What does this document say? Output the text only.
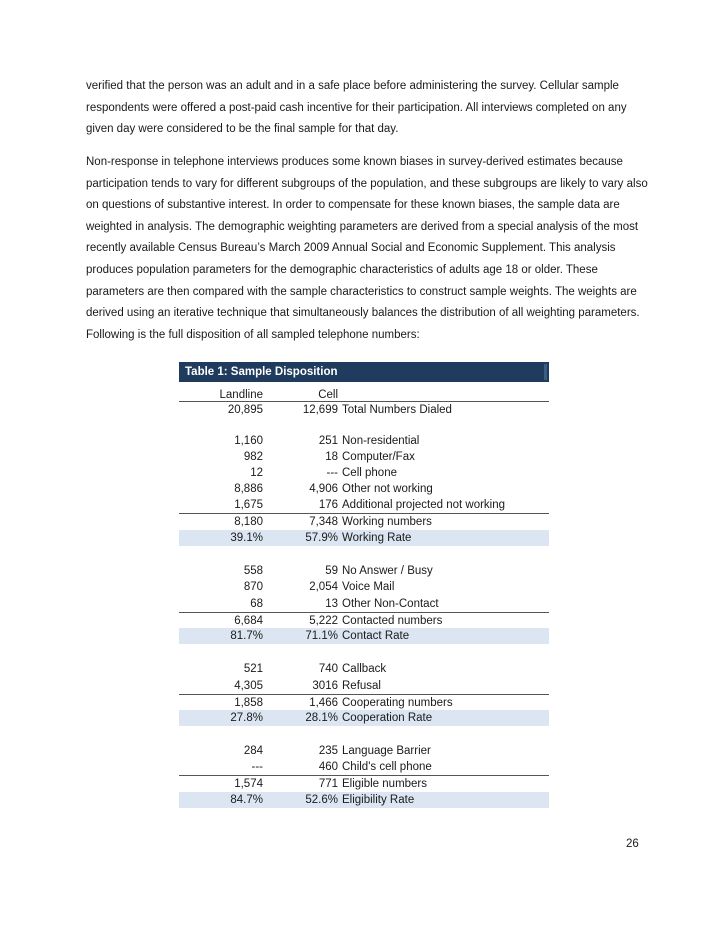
verified that the person was an adult and in a safe place before administering the survey. Cellular sample respondents were offered a post-paid cash incentive for their participation. All interviews completed on any given day were considered to be the final sample for that day.

Non-response in telephone interviews produces some known biases in survey-derived estimates because participation tends to vary for different subgroups of the population, and these subgroups are likely to vary also on questions of substantive interest. In order to compensate for these known biases, the sample data are weighted in analysis. The demographic weighting parameters are derived from a special analysis of the most recently available Census Bureau’s March 2009 Annual Social and Economic Supplement. This analysis produces population parameters for the demographic characteristics of adults age 18 or older. These parameters are then compared with the sample characteristics to construct sample weights. The weights are derived using an iterative technique that simultaneously balances the distribution of all weighting parameters.

Following is the full disposition of all sampled telephone numbers:

Table 1: Sample Disposition
Landline	Cell
20,895	12,699 Total Numbers Dialed
1,160	251 Non-residential
982	18 Computer/Fax
12	--- Cell phone
8,886	4,906 Other not working
1,675	176 Additional projected not working
8,180	7,348 Working numbers
39.1%	57.9% Working Rate
558	59 No Answer / Busy
870	2,054 Voice Mail
68	13 Other Non-Contact
6,684	5,222 Contacted numbers
81.7%	71.1% Contact Rate
521	740 Callback
4,305	3016 Refusal
1,858	1,466 Cooperating numbers
27.8%	28.1% Cooperation Rate
284	235 Language Barrier
---	460 Child's cell phone
1,574	771 Eligible numbers
84.7%	52.6% Eligibility Rate
26
